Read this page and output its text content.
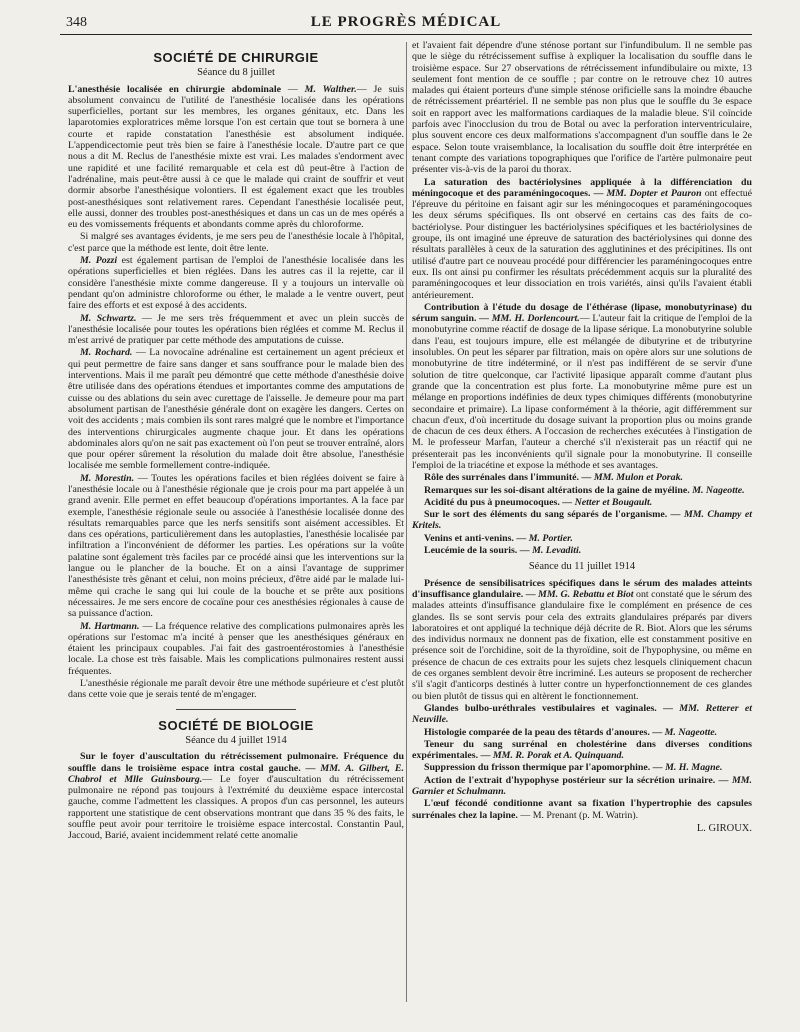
348	LE PROGRÈS MÉDICAL
SOCIÉTÉ DE CHIRURGIE
Séance du 8 juillet

L'anesthésie localisée en chirurgie abdominale — M. Walther.— Je suis absolument convaincu de l'utilité de l'anesthésie localisée dans les opérations superficielles, portant sur les membres, les organes génitaux, etc. Dans les laparotomies exploratrices même lorsque l'on est certain que tout se bornera à une courte et rapide constatation l'anesthésie est absolument indiquée. L'appendicectomie peut très bien se faire à l'anesthésie locale. D'autre part ce que nous a dit M. Reclus de l'anesthésie mixte est vrai. Les malades s'endorment avec une rapidité et une facilité remarquable et cela est dû peut-être à l'action de l'adrénaline, mais peut-être aussi à ce que le malade qui craint de souffrir et veut dormir absorbe l'anesthésique volontiers. Il est également exact que les troubles post-anesthésiques sont relativement rares. Cependant l'anesthésie localisée peut, elle aussi, donner des troubles post-anesthésiques et dans un cas un de mes opérés a eu des vomissements fréquents et abondants comme après du chloroforme.

Si malgré ses avantages évidents, je me sers peu de l'anesthésie locale à l'hôpital, c'est parce que la méthode est lente, doit être lente.

M. Pozzi est également partisan de l'emploi de l'anesthésie localisée dans les opérations superficielles et bien réglées. Dans les autres cas il la rejette, car il considère l'anesthésie mixte comme dangereuse. Il y a toujours un intervalle où pendant qu'on administre chloroforme ou éther, le malade a le ventre ouvert, peut faire des efforts et est exposé à des accidents.

M. Schwartz. — Je me sers très fréquemment et avec un plein succès de l'anesthésie localisée pour toutes les opérations bien réglées et comme M. Reclus il m'est arrivé de pratiquer par cette méthode des amputations de cuisse.

M. Rochard. — La novocaïne adrénaline est certainement un agent précieux et qui peut permettre de faire sans danger et sans souffrance pour le malade bien des interventions. Mais il me paraît peu démontré que cette méthode d'anesthésie doive être utilisée dans des opérations étendues et importantes comme des amputations de cuisse ou des ablations du sein avec curettage de l'aisselle. Je demeure pour ma part absolument partisan de l'anesthésie générale dont on exagère les dangers. Certes on voit des accidents ; mais combien ils sont rares malgré que le nombre et l'importance des interventions chirurgicales augmente chaque jour. Et dans les opérations abdominales alors qu'on ne sait pas exactement où l'on peut se trouver entraîné, alors que pour opérer sûrement la résolution du malade doit être absolue, l'anesthésie localisée me semble formellement contre-indiquée.

M. Morestin. — Toutes les opérations faciles et bien réglées doivent se faire à l'anesthésie locale ou à l'anesthésie régionale que je crois pour ma part appelée à un grand avenir. Elle permet en effet beaucoup d'opérations importantes. A la face par exemple, l'anesthésie régionale seule ou associée à l'anesthésie localisée donne des résultats remarquables parce que les nerfs sensitifs sont aisément accessibles. Et dans ces opérations, particulièrement dans les autoplasties, l'anesthésie localisée par infiltration a l'inconvénient de déformer les parties. Les opérations sur la voûte palatine sont également très faciles par ce procédé ainsi que les interventions sur la langue ou le plancher de la bouche. Et on a ainsi l'avantage de supprimer l'anesthésiste très gênant et celui, non moins précieux, d'être aidé par le malade lui-même qui crache le sang qui lui coule de la bouche et se prête aux positions nécessaires. Je me sers encore de cocaïne pour ces anesthésies régionales à cause de sa puissance d'action.

M. Hartmann. — La fréquence relative des complications pulmonaires après les opérations sur l'estomac m'a incité à penser que les anesthésiques généraux en étaient les principaux coupables. J'ai fait des gastroentérostomies à l'anesthésie locale. La chose est très faisable. Mais les complications pulmonaires restent aussi fréquentes.

L'anesthésie régionale me paraît devoir être une méthode supérieure et c'est plutôt dans cette voie que je serais tenté de m'engager.

SOCIÉTÉ DE BIOLOGIE
Séance du 4 juillet 1914

Sur le foyer d'auscultation du rétrécissement pulmonaire. Fréquence du souffle dans le troisième espace intra costal gauche. — MM. A. Gilbert, E. Chabrol et Mlle Guinsbourg.— Le foyer d'auscultation du rétrécissement pulmonaire ne répond pas toujours à l'extrémité du deuxième espace intercostal gauche, comme l'admettent les classiques. A propos d'un cas personnel, les auteurs rapportent une statistique de cent observations montrant que dans 35 % des faits, le souffle peut avoir pour territoire le troisième espace intercostal. Constantin Paul, Jaccoud, Barié, avaient incidemment relaté cette anomalie

et l'avaient fait dépendre d'une sténose portant sur l'infundibulum. Il ne semble pas que le siège du rétrécissement suffise à expliquer la localisation du souffle dans le troisième espace. Sur 27 observations de rétrécissement infundibulaire ou mixte, 13 seulement font mention de ce souffle ; par contre on le retrouve chez 10 autres malades qui étaient porteurs d'une simple sténose orificielle sans la moindre ébauche de rétrécissement préartériel. Il ne semble pas non plus que le souffle du 3e espace soit en rapport avec les malformations cardiaques de la maladie bleue. S'il coïncide parfois avec l'inocclusion du trou de Botal ou avec la perforation interventriculaire, plus souvent encore ces deux malformations s'accompagnent d'un souffle dans le 2e espace. Selon toute vraisemblance, la localisation du souffle doit être interprétée en tenant compte des variations topographiques que l'orifice de l'artère pulmonaire peut présenter vis-à-vis de la paroi du thorax.

La saturation des bactériolysines appliquée à la différenciation du méningocoque et des paraméningocoques. — MM. Dopter et Pauron ont effectué l'épreuve du péritoine en faisant agir sur les méningocoques et paraméningocoques les deux sérums spécifiques. Ils ont observé en certains cas des faits de co-bactériolyse. Pour distinguer les bactériolysines spécifiques et les bactériolysines de groupe, ils ont imaginé une épreuve de saturation des bactériolysines qui donne des résultats parallèles à ceux de la saturation des agglutinines et des précipitines. Ils ont utilisé d'autre part ce nouveau procédé pour différencier les paraméningocoques entre eux. Ils ont ainsi pu confirmer les résultats précédemment acquis sur la pluralité des paraméningocoques et leur dissociation en trois variétés, ainsi qu'ils l'avaient établi antérieurement.

Contribution à l'étude du dosage de l'éthérase (lipase, monobutyrinase) du sérum sanguin. — MM. H. Dorlencourt.— L'auteur fait la critique de l'emploi de la monobutyrine comme réactif de dosage de la lipase sérique. La monobutyrine soluble dans l'eau, est toujours impure, elle est mélangée de dibutyrine et de tributyrine insolubles. On peut les séparer par filtration, mais on opère alors sur une solutions de monobutyrine de titre indéterminé, or il n'est pas indifférent de se servir d'une solution de titre quelconque, car l'activité lipasique apparaît comme d'autant plus grande que la concentration est plus forte. La monobutyrine même pure est un mélange en proportions indéfinies de deux types chimiques différents (monobutyrine secondaire et primaire). La lipase conformément à la théorie, agit différemment sur chacun d'eux, d'où incertitude du dosage suivant la proportion plus ou moins grande de chacun de ces deux éthers. A l'occasion de recherches exécutées à l'instigation de M. le professeur Marfan, l'auteur a cherché s'il n'existerait pas un réactif qui ne présenterait pas les inconvénients qu'il signale pour la monobutyrine. Il conseille l'emploi de la triacétine et expose la méthode et ses avantages.

Rôle des surrénales dans l'immunité. — MM. Mulon et Porak.

Remarques sur les soi-disant altérations de la gaine de myéline. M. Nageotte.

Acidité du pus à pneumocoques. — Netter et Bougault.

Sur le sort des éléments du sang séparés de l'organisme. — MM. Champy et Kritels.

Venins et anti-venins. — M. Portier.

Leucémie de la souris. — M. Levaditi.

Séance du 11 juillet 1914

Présence de sensibilisatrices spécifiques dans le sérum des malades atteints d'insuffisance glandulaire. — MM. G. Rebattu et Biot ont constaté que le sérum des malades atteints d'insuffisance glandulaire fixe le complément en présence de ces glandes. Ils se sont servis pour cela des extraits glandulaires préparés par divers laboratoires et ont appliqué la technique déjà décrite de R. Biot. Alors que les sérums des individus normaux ne donnent pas de fixation, elle est constamment positive en présence soit de l'orchidine, soit de la thyroïdine, soit de l'hypophysine, ou même en présence de chacun de ces extraits pour les sujets chez lesquels cliniquement chacun de ces organes semblent devoir être incriminé. Les auteurs se proposent de rechercher s'il s'agit d'anticorps destinés à lutter contre un hyperfonctionnement de ces glandes ou bien plutôt de tissus qui en altèrent le fonctionnement.

Glandes bulbo-uréthrales vestibulaires et vaginales. — MM. Retterer et Neuville.

Histologie comparée de la peau des têtards d'anoures. — M. Nageotte.

Teneur du sang surrénal en cholestérine dans diverses conditions expérimentales. — MM. R. Porak et A. Quinquand.

Suppression du frisson thermique par l'apomorphine. — M. H. Magne.

Action de l'extrait d'hypophyse postérieur sur la sécrétion urinaire. — MM. Garnier et Schulmann.

L'œuf fécondé conditionne avant sa fixation l'hypertrophie des capsules surrénales chez la lapine. — M. Prenant (p. M. Watrin).

L. GIROUX.
